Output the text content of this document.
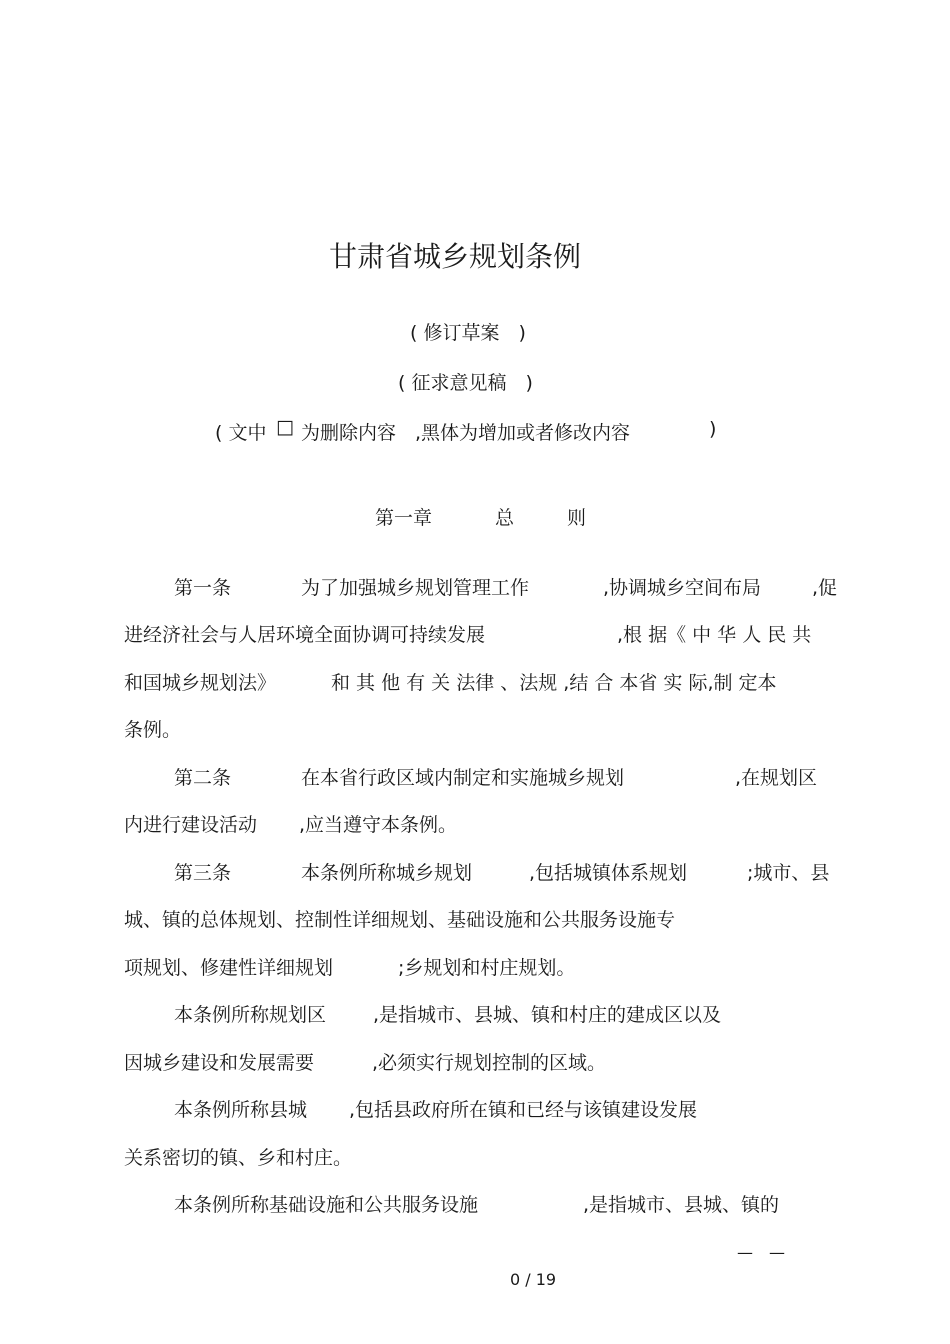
甘肃省城乡规划条例
( 修订草案　)
( 征求意见稿　)
( 文中 □ 为删除内容　,黑体为增加或者修改内容	)
第一章	总	则
第一条	为了加强城乡规划管理工作	,协调城乡空间布局	,促
进经济社会与人居环境全面协调可持续发展	,根 据《 中 华 人 民 共
和国城乡规划法》	和 其 他 有 关 法律 、法规 ,结 合 本省 实 际,制 定本
条例。
第二条	在本省行政区域内制定和实施城乡规划	,在规划区
内进行建设活动 ,应当遵守本条例。
第三条	本条例所称城乡规划	,包括城镇体系规划	;城市、县
城、镇的总体规划、控制性详细规划、基础设施和公共服务设施专
项规划、修建性详细规划	;乡规划和村庄规划。
本条例所称规划区 ,是指城市、县城、镇和村庄的建成区以及
因城乡建设和发展需要	,必须实行规划控制的区域。
本条例所称县城 ,包括县政府所在镇和已经与该镇建设发展
关系密切的镇、乡和村庄。
本条例所称基础设施和公共服务设施	,是指城市、县城、镇的
—　—
0 / 19
